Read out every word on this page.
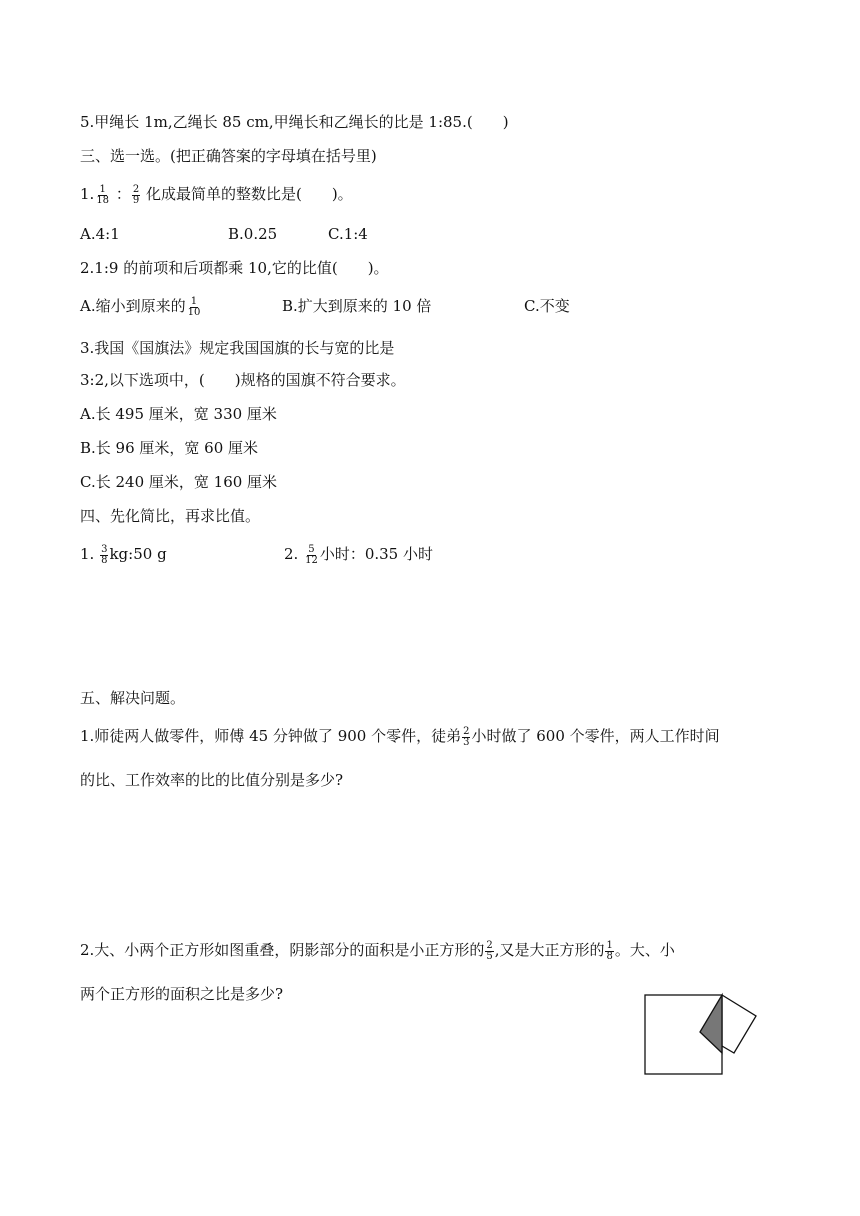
5.甲绳长 1m,乙绳长 85 cm,甲绳长和乙绳长的比是 1:85.(　　)
三、选一选。(把正确答案的字母填在括号里)
1. $\frac{1}{18}$ ： $\frac{2}{9}$ 化成最简单的整数比是(　　)。
A.4:1	B.0.25	C.1:4
2.1:9 的前项和后项都乘 10,它的比值(　　)。
A.缩小到原来的 $\frac{1}{10}$	B.扩大到原来的 10 倍	C.不变
3.我国《国旗法》规定我国国旗的长与宽的比是
3:2,以下选项中，(　　)规格的国旗不符合要求。
A.长 495 厘米，宽 330 厘米
B.长 96 厘米，宽 60 厘米
C.长 240 厘米，宽 160 厘米
四、先化简比，再求比值。
1. $\frac{3}{8}$ kg:50 g	2. $\frac{5}{12}$ 小时：0.35 小时
五、解决问题。
1.师徒两人做零件，师傅 45 分钟做了 900 个零件，徒弟 $\frac{2}{3}$ 小时做了 600 个零件，两人工作时间
的比、工作效率的比的比值分别是多少?
2.大、小两个正方形如图重叠，阴影部分的面积是小正方形的 $\frac{2}{5}$ ,又是大正方形的 $\frac{1}{8}$ 。大、小
两个正方形的面积之比是多少?
